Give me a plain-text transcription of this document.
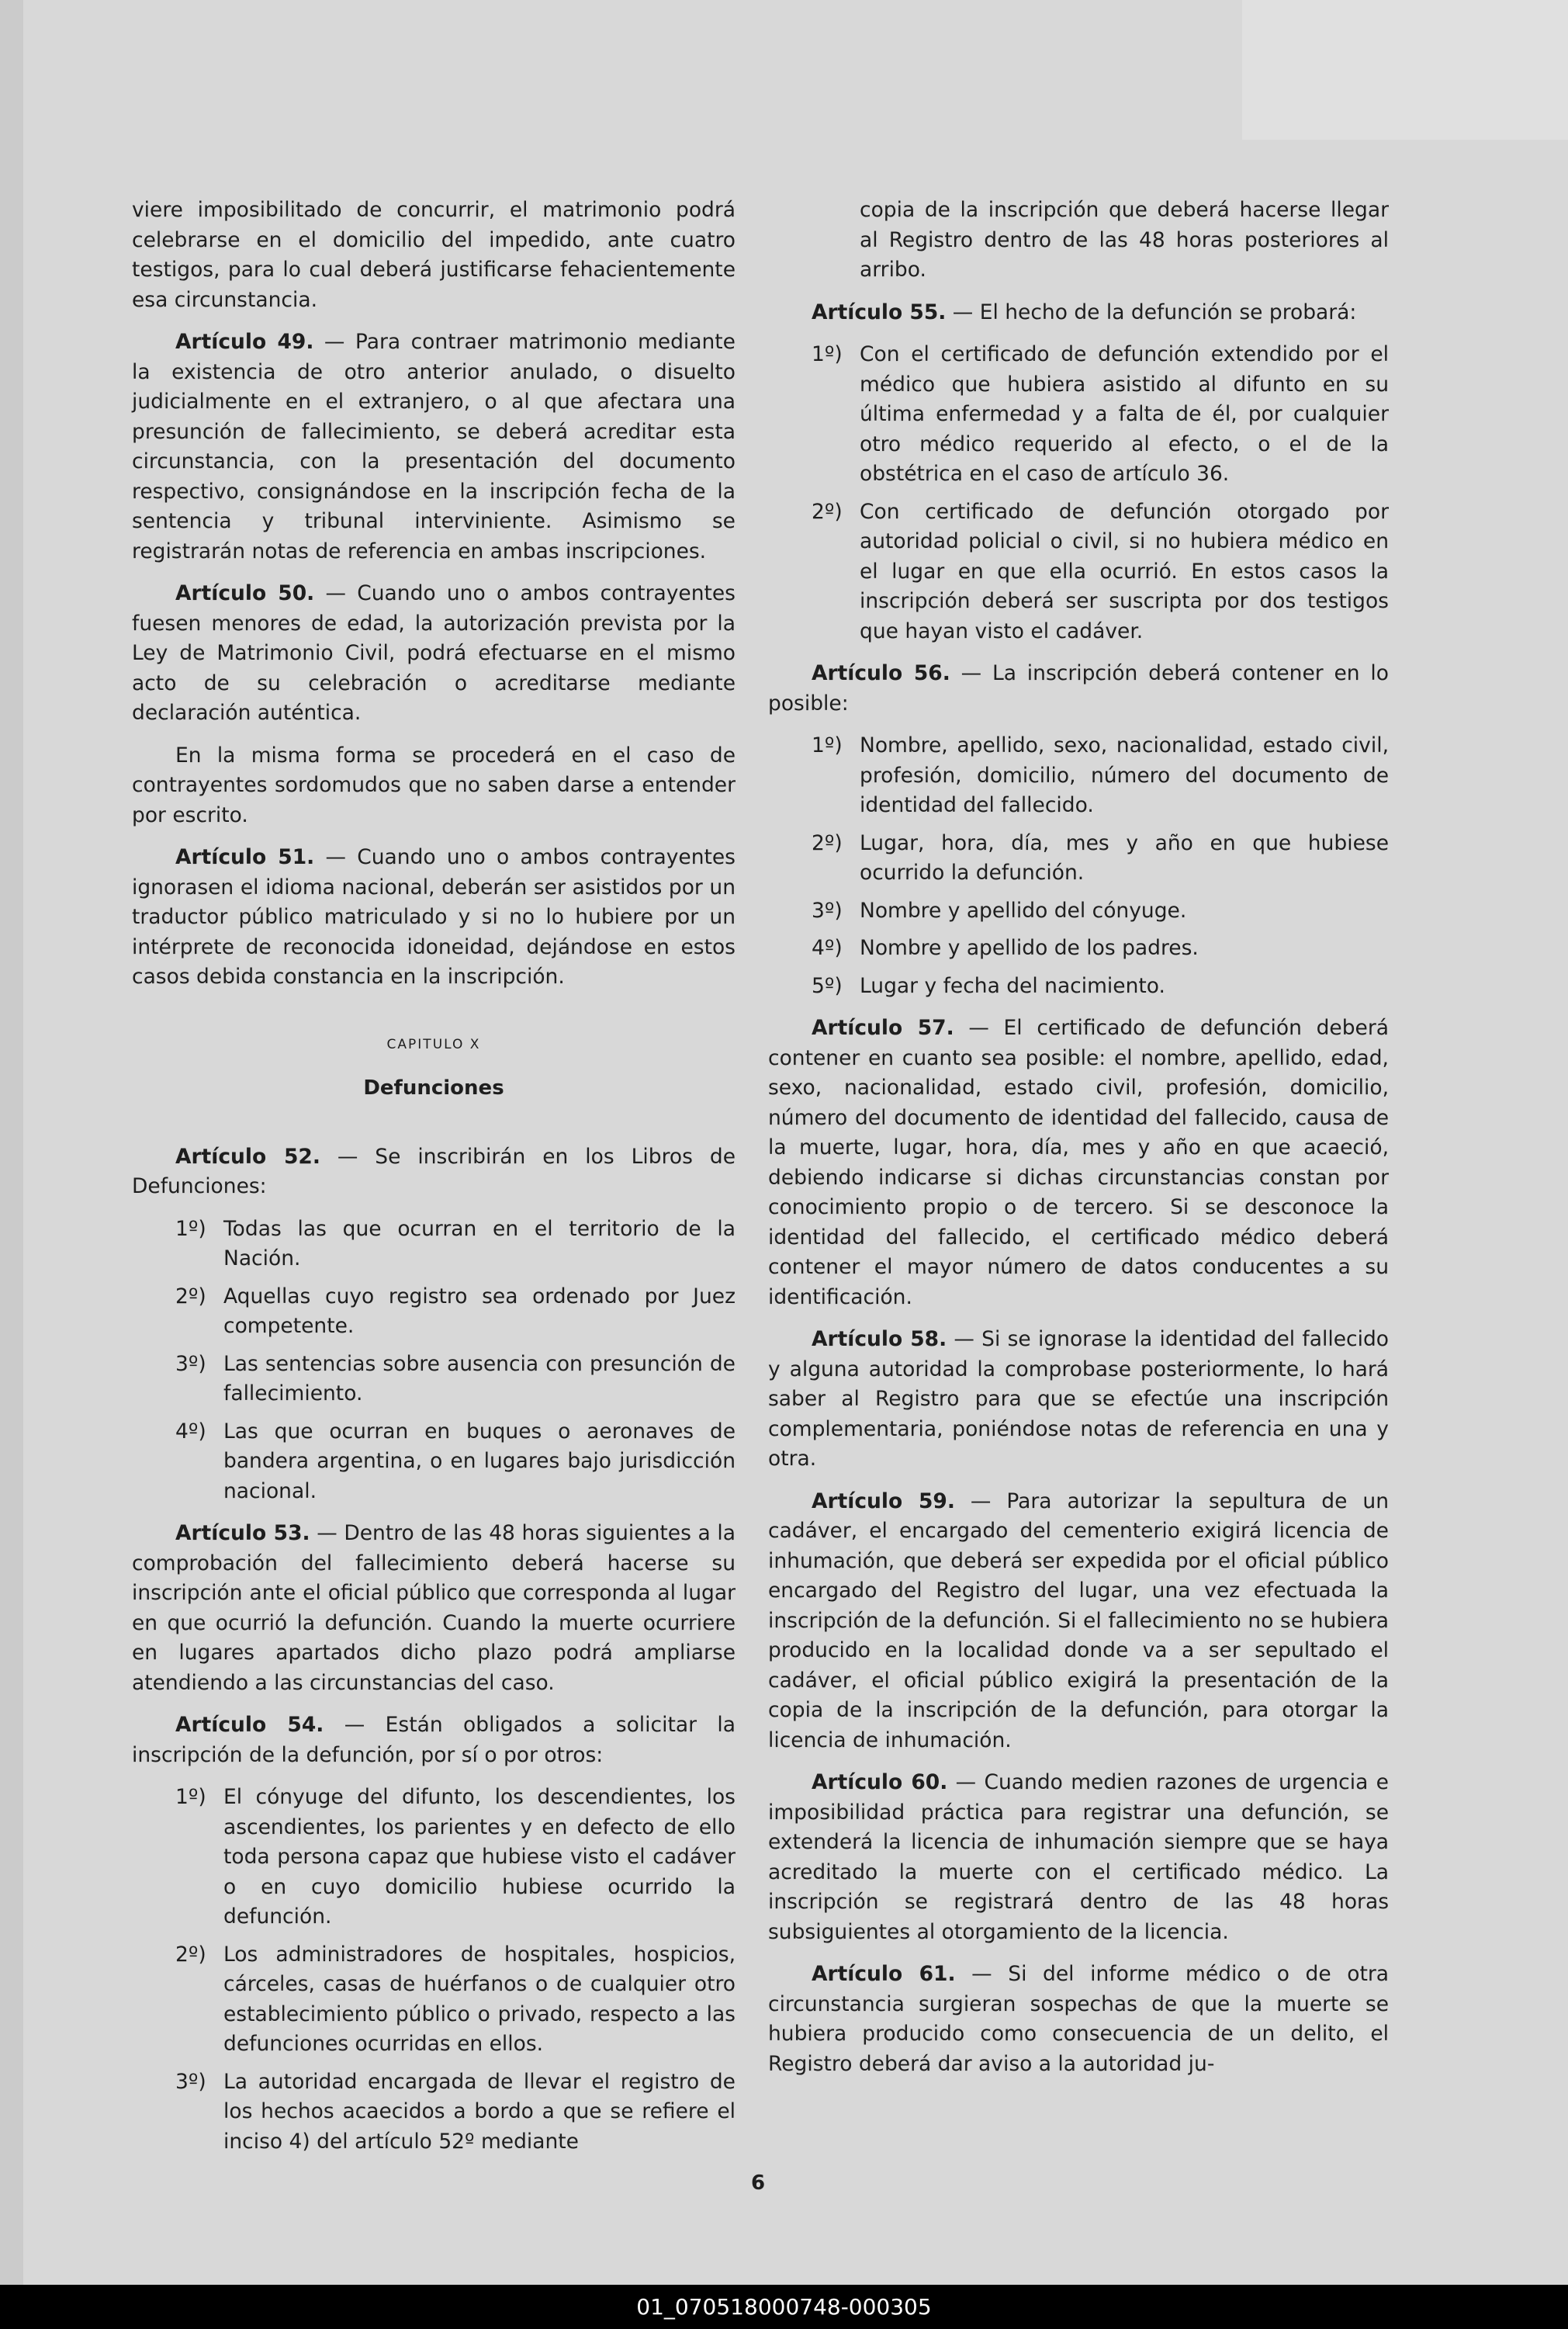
viere imposibilitado de concurrir, el matrimonio podrá celebrarse en el domicilio del impedido, ante cuatro testigos, para lo cual deberá justificarse fehacientemente esa circunstancia.

Artículo 49. — Para contraer matrimonio mediante la existencia de otro anterior anulado, o disuelto judicialmente en el extranjero, o al que afectara una presunción de fallecimiento, se deberá acreditar esta circunstancia, con la presentación del documento respectivo, consignándose en la inscripción fecha de la sentencia y tribunal interviniente. Asimismo se registrarán notas de referencia en ambas inscripciones.

Artículo 50. — Cuando uno o ambos contrayentes fuesen menores de edad, la autorización prevista por la Ley de Matrimonio Civil, podrá efectuarse en el mismo acto de su celebración o acreditarse mediante declaración auténtica.

En la misma forma se procederá en el caso de contrayentes sordomudos que no saben darse a entender por escrito.

Artículo 51. — Cuando uno o ambos contrayentes ignorasen el idioma nacional, deberán ser asistidos por un traductor público matriculado y si no lo hubiere por un intérprete de reconocida idoneidad, dejándose en estos casos debida constancia en la inscripción.

CAPITULO X
Defunciones

Artículo 52. — Se inscribirán en los Libros de Defunciones:

1º) Todas las que ocurran en el territorio de la Nación.
2º) Aquellas cuyo registro sea ordenado por Juez competente.
3º) Las sentencias sobre ausencia con presunción de fallecimiento.
4º) Las que ocurran en buques o aeronaves de bandera argentina, o en lugares bajo jurisdicción nacional.

Artículo 53. — Dentro de las 48 horas siguientes a la comprobación del fallecimiento deberá hacerse su inscripción ante el oficial público que corresponda al lugar en que ocurrió la defunción. Cuando la muerte ocurriere en lugares apartados dicho plazo podrá ampliarse atendiendo a las circunstancias del caso.

Artículo 54. — Están obligados a solicitar la inscripción de la defunción, por sí o por otros:

1º) El cónyuge del difunto, los descendientes, los ascendientes, los parientes y en defecto de ello toda persona capaz que hubiese visto el cadáver o en cuyo domicilio hubiese ocurrido la defunción.
2º) Los administradores de hospitales, hospicios, cárceles, casas de huérfanos o de cualquier otro establecimiento público o privado, respecto a las defunciones ocurridas en ellos.
3º) La autoridad encargada de llevar el registro de los hechos acaecidos a bordo a que se refiere el inciso 4) del artículo 52º mediante
copia de la inscripción que deberá hacerse llegar al Registro dentro de las 48 horas posteriores al arribo.

Artículo 55. — El hecho de la defunción se probará:

1º) Con el certificado de defunción extendido por el médico que hubiera asistido al difunto en su última enfermedad y a falta de él, por cualquier otro médico requerido al efecto, o el de la obstétrica en el caso de artículo 36.
2º) Con certificado de defunción otorgado por autoridad policial o civil, si no hubiera médico en el lugar en que ella ocurrió. En estos casos la inscripción deberá ser suscripta por dos testigos que hayan visto el cadáver.

Artículo 56. — La inscripción deberá contener en lo posible:

1º) Nombre, apellido, sexo, nacionalidad, estado civil, profesión, domicilio, número del documento de identidad del fallecido.
2º) Lugar, hora, día, mes y año en que hubiese ocurrido la defunción.
3º) Nombre y apellido del cónyuge.
4º) Nombre y apellido de los padres.
5º) Lugar y fecha del nacimiento.

Artículo 57. — El certificado de defunción deberá contener en cuanto sea posible: el nombre, apellido, edad, sexo, nacionalidad, estado civil, profesión, domicilio, número del documento de identidad del fallecido, causa de la muerte, lugar, hora, día, mes y año en que acaeció, debiendo indicarse si dichas circunstancias constan por conocimiento propio o de tercero. Si se desconoce la identidad del fallecido, el certificado médico deberá contener el mayor número de datos conducentes a su identificación.

Artículo 58. — Si se ignorase la identidad del fallecido y alguna autoridad la comprobase posteriormente, lo hará saber al Registro para que se efectúe una inscripción complementaria, poniéndose notas de referencia en una y otra.

Artículo 59. — Para autorizar la sepultura de un cadáver, el encargado del cementerio exigirá licencia de inhumación, que deberá ser expedida por el oficial público encargado del Registro del lugar, una vez efectuada la inscripción de la defunción. Si el fallecimiento no se hubiera producido en la localidad donde va a ser sepultado el cadáver, el oficial público exigirá la presentación de la copia de la inscripción de la defunción, para otorgar la licencia de inhumación.

Artículo 60. — Cuando medien razones de urgencia e imposibilidad práctica para registrar una defunción, se extenderá la licencia de inhumación siempre que se haya acreditado la muerte con el certificado médico. La inscripción se registrará dentro de las 48 horas subsiguientes al otorgamiento de la licencia.

Artículo 61. — Si del informe médico o de otra circunstancia surgieran sospechas de que la muerte se hubiera producido como consecuencia de un delito, el Registro deberá dar aviso a la autoridad ju-

6
01_070518000748-000305
